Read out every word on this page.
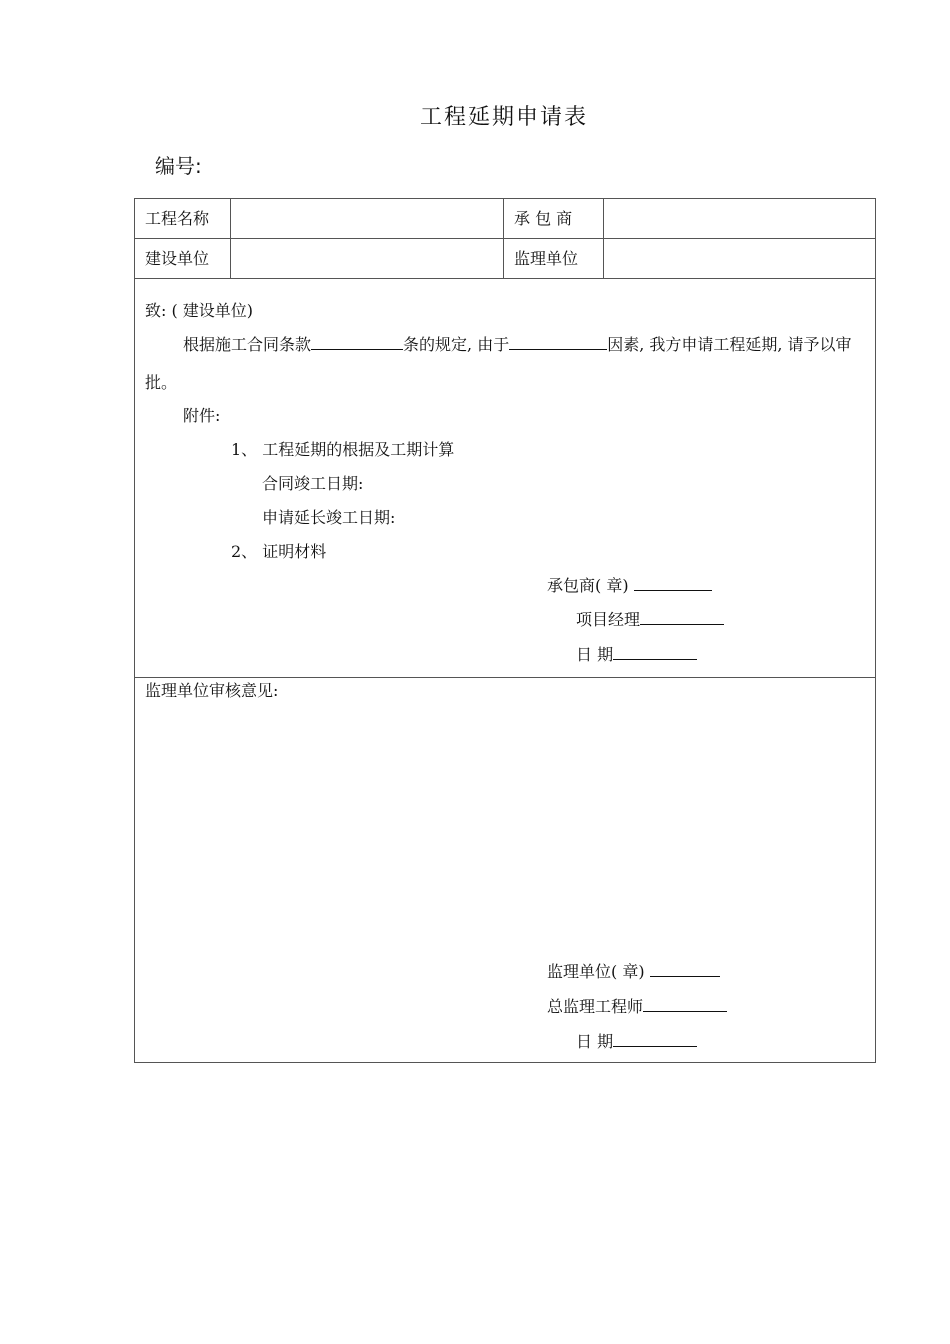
工程延期申请表
编号:
工程名称	承 包 商
建设单位	监理单位
致: ( 建设单位)
根据施工合同条款	条的规定, 由于	因素, 我方申请工程延期, 请予以审
批。
附件:
1、 工程延期的根据及工期计算
合同竣工日期:
申请延长竣工日期:
2、 证明材料
承包商( 章)
项目经理
日 期
监理单位审核意见:
监理单位( 章)
总监理工程师
日 期
